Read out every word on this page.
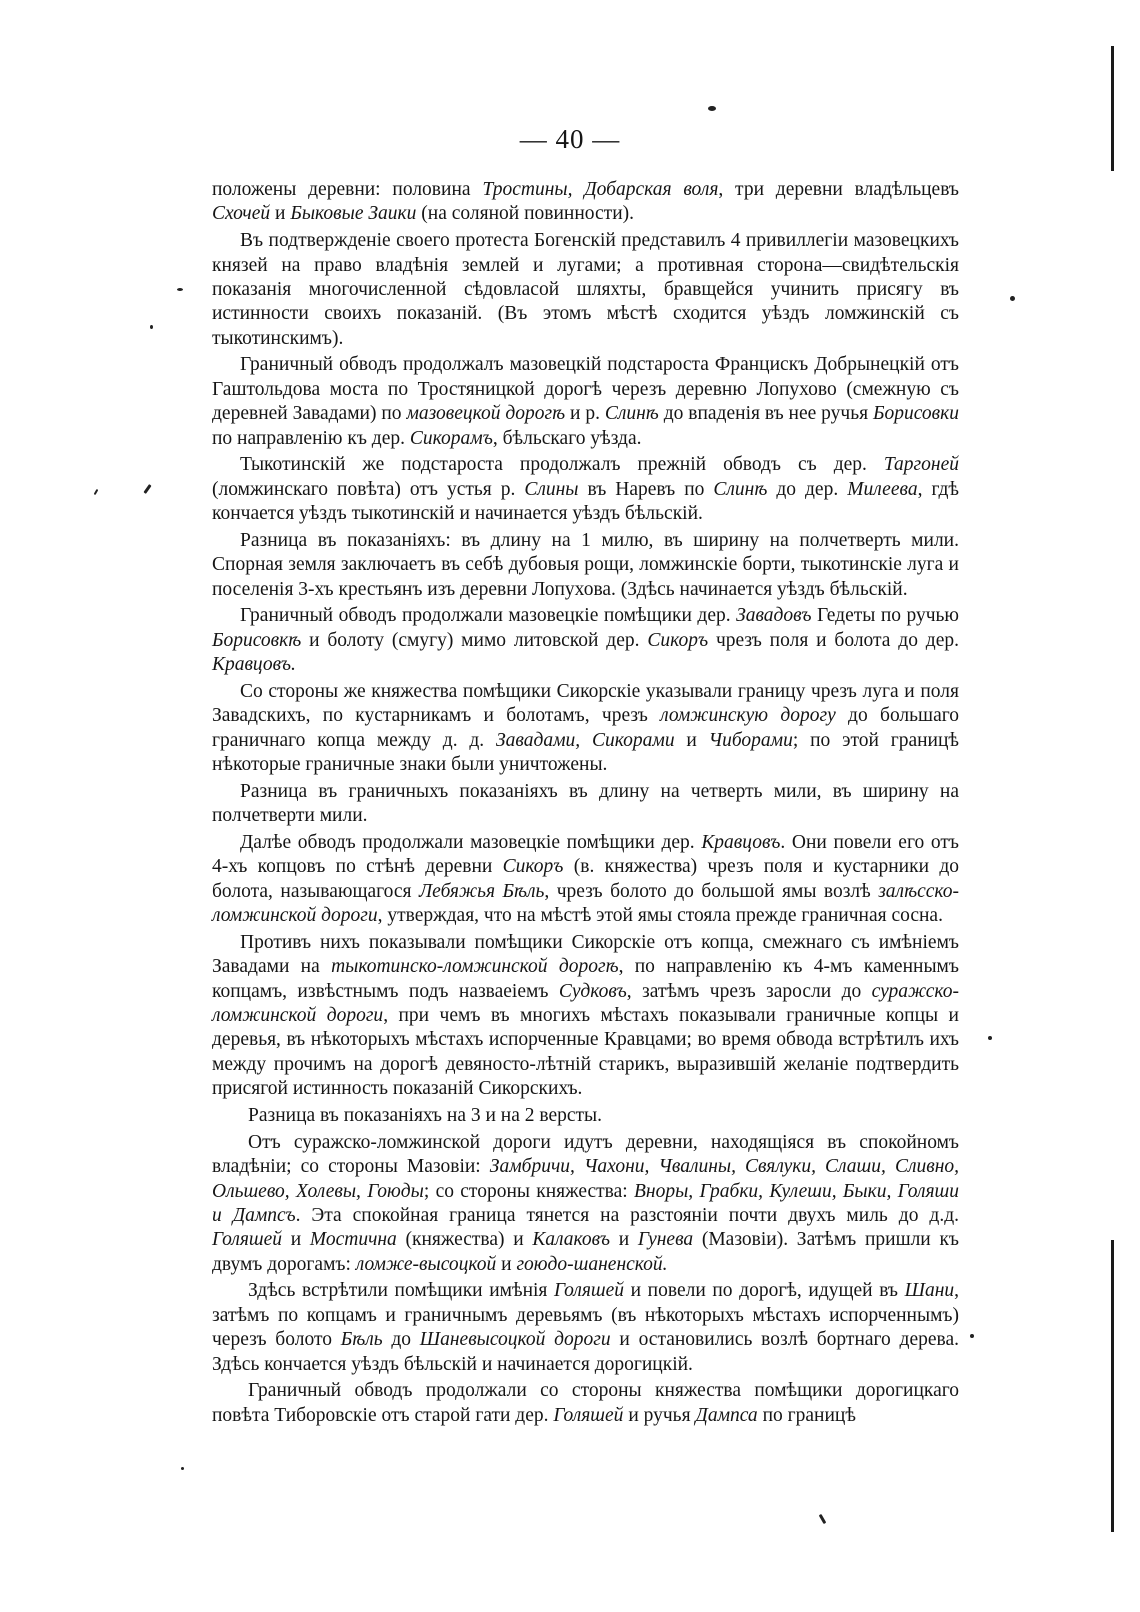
— 40 —

положены деревни: половина Тростины, Добарская воля, три деревни владѣльцевъ Схочей и Быковые Заики (на соляной повинности).

Въ подтвержденіе своего протеста Богенскій представилъ 4 привиллегіи мазовецкихъ князей на право владѣнія землей и лугами; а противная сторона—свидѣтельскія показанія многочисленной сѣдовласой шляхты, бравщейся учинить присягу въ истинности своихъ показаній. (Въ этомъ мѣстѣ сходится уѣздъ ломжинскій съ тыкотинскимъ).

Граничный обводъ продолжалъ мазовецкій подстароста Францискъ Добрынецкій отъ Гаштольдова моста по Тростяницкой дорогѣ черезъ деревню Лопухово (смежную съ деревней Завадами) по мазовецкой дорогѣ и р. Слинѣ до впаденія въ нее ручья Борисовки по направленію къ дер. Сикорамъ, бѣльскаго уѣзда.

Тыкотинскій же подстароста продолжалъ прежній обводъ съ дер. Таргоней (ломжинскаго повѣта) отъ устья р. Слины въ Наревъ по Слинѣ до дер. Милеева, гдѣ кончается уѣздъ тыкотинскій и начинается уѣздъ бѣльскій.

Разница въ показаніяхъ: въ длину на 1 милю, въ ширину на полчетверть мили. Спорная земля заключаетъ въ себѣ дубовыя рощи, ломжинскіе борти, тыкотинскіе луга и поселенія 3-хъ крестьянъ изъ деревни Лопухова. (Здѣсь начинается уѣздъ бѣльскій.

Граничный обводъ продолжали мазовецкіе помѣщики дер. Завадовъ Гедеты по ручью Борисовкѣ и болоту (смугу) мимо литовской дер. Сикоръ чрезъ поля и болота до дер. Кравцовъ.

Со стороны же княжества помѣщики Сикорскіе указывали границу чрезъ луга и поля Завадскихъ, по кустарникамъ и болотамъ, чрезъ ломжинскую дорогу до большаго граничнаго копца между д. д. Завадами, Сикорами и Чиборами; по этой границѣ нѣкоторые граничные знаки были уничтожены.

Разница въ граничныхъ показаніяхъ въ длину на четверть мили, въ ширину на полчетверти мили.

Далѣе обводъ продолжали мазовецкіе помѣщики дер. Кравцовъ. Они повели его отъ 4-хъ копцовъ по стѣнѣ деревни Сикоръ (в. княжества) чрезъ поля и кустарники до болота, называющагося Лебяжья Бѣль, чрезъ болото до большой ямы возлѣ залѣсско-ломжинской дороги, утверждая, что на мѣстѣ этой ямы стояла прежде граничная сосна.

Противъ нихъ показывали помѣщики Сикорскіе отъ копца, смежнаго съ имѣніемъ Завадами на тыкотинско-ломжинской дорогѣ, по направленію къ 4-мъ каменнымъ копцамъ, извѣстнымъ подъ назваеіемъ Судковъ, затѣмъ чрезъ заросли до суражско-ломжинской дороги, при чемъ въ многихъ мѣстахъ показывали граничные копцы и деревья, въ нѣкоторыхъ мѣстахъ испорченные Кравцами; во время обвода встрѣтилъ ихъ между прочимъ на дорогѣ девяносто-лѣтній старикъ, выразившій желаніе подтвердить присягой истинность показаній Сикорскихъ.

Разница въ показаніяхъ на 3 и на 2 версты.

Отъ суражско-ломжинской дороги идутъ деревни, находящіяся въ спокойномъ владѣніи; со стороны Мазовіи: Замбричи, Чахони, Чвалины, Свялуки, Слаши, Сливно, Ольшево, Холевы, Гоюды; со стороны княжества: Вноры, Грабки, Кулеши, Быки, Голяши и Дампсъ. Эта спокойная граница тянется на разстояніи почти двухъ миль до д.д. Голяшей и Мостична (княжества) и Калаковъ и Гунева (Мазовіи). Затѣмъ пришли къ двумъ дорогамъ: ломже-высоцкой и гоюдо-шаненской.

Здѣсь встрѣтили помѣщики имѣнія Голяшей и повели по дорогѣ, идущей въ Шани, затѣмъ по копцамъ и граничнымъ деревьямъ (въ нѣкоторыхъ мѣстахъ испорченнымъ) черезъ болото Бѣль до Шаневысоцкой дороги и остановились возлѣ бортнаго дерева. Здѣсь кончается уѣздъ бѣльскій и начинается дорогицкій.

Граничный обводъ продолжали со стороны княжества помѣщики дорогицкаго повѣта Тиборовскіе отъ старой гати дер. Голяшей и ручья Дампса по границѣ
